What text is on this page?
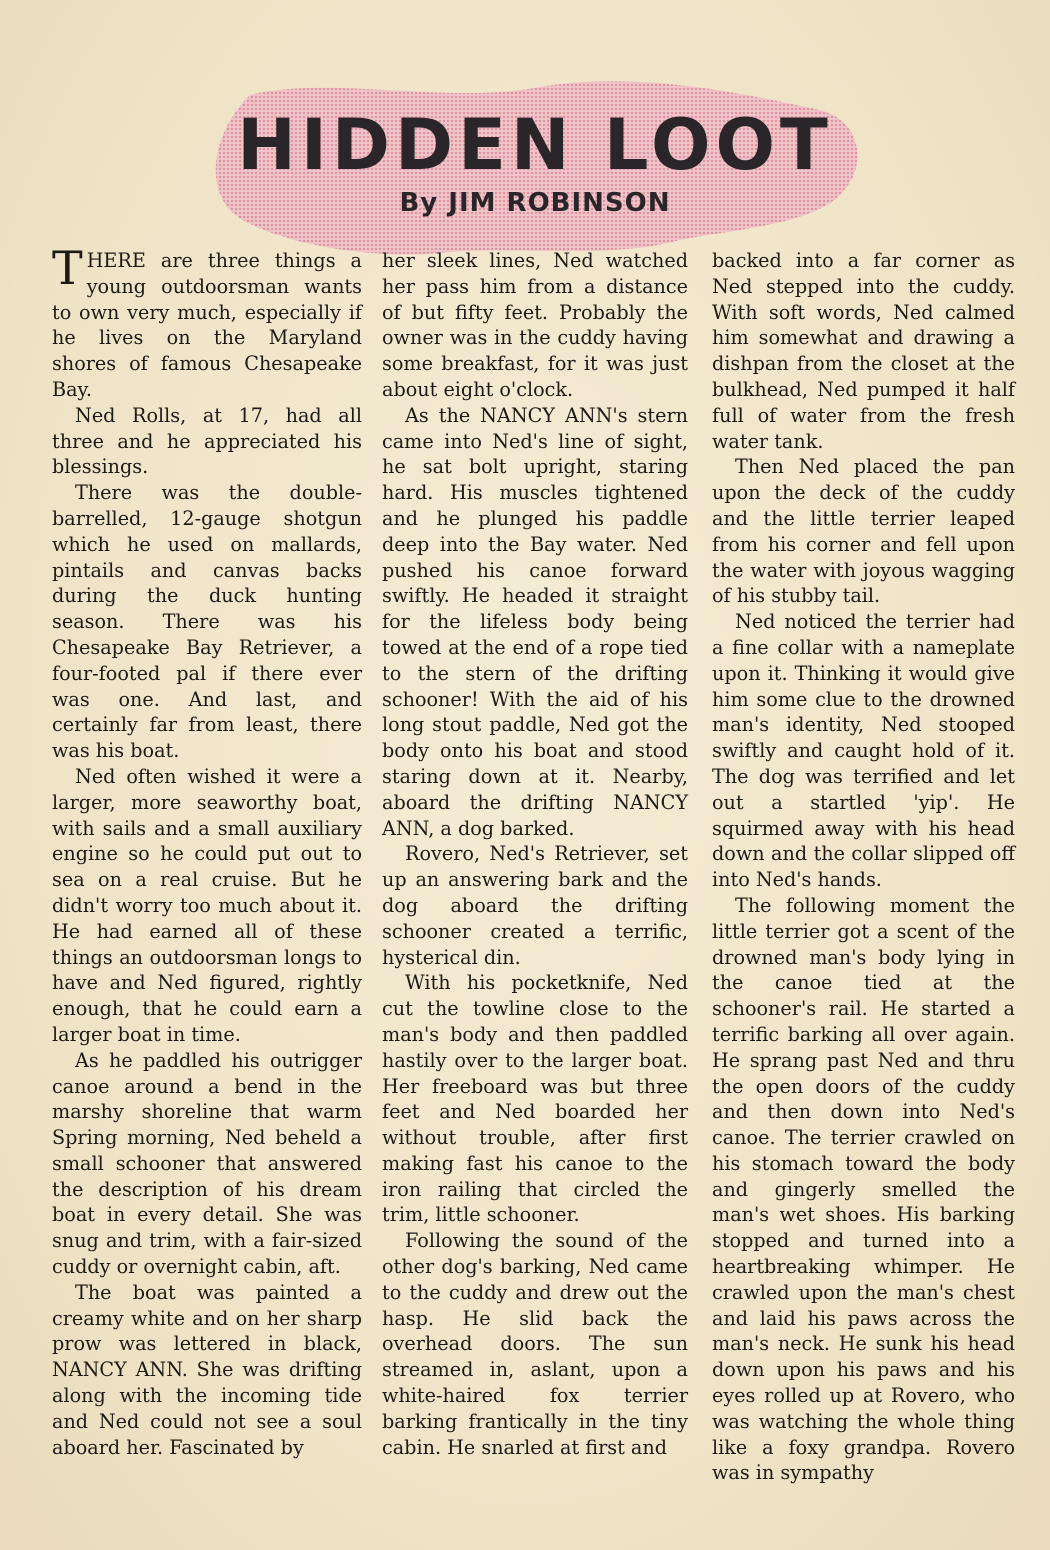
HIDDEN LOOT
By JIM ROBINSON

THERE are three things a young outdoorsman wants to own very much, especially if he lives on the Maryland shores of famous Chesapeake Bay.

Ned Rolls, at 17, had all three and he appreciated his blessings.

There was the double-barrelled, 12-gauge shotgun which he used on mallards, pintails and canvas backs during the duck hunting season. There was his Chesapeake Bay Retriever, a four-footed pal if there ever was one. And last, and certainly far from least, there was his boat.

Ned often wished it were a larger, more seaworthy boat, with sails and a small auxiliary engine so he could put out to sea on a real cruise. But he didn't worry too much about it. He had earned all of these things an outdoorsman longs to have and Ned figured, rightly enough, that he could earn a larger boat in time.

As he paddled his outrigger canoe around a bend in the marshy shoreline that warm Spring morning, Ned beheld a small schooner that answered the description of his dream boat in every detail. She was snug and trim, with a fair-sized cuddy or overnight cabin, aft.

The boat was painted a creamy white and on her sharp prow was lettered in black, NANCY ANN. She was drifting along with the incoming tide and Ned could not see a soul aboard her. Fascinated by

her sleek lines, Ned watched her pass him from a distance of but fifty feet. Probably the owner was in the cuddy having some breakfast, for it was just about eight o'clock.

As the NANCY ANN's stern came into Ned's line of sight, he sat bolt upright, staring hard. His muscles tightened and he plunged his paddle deep into the Bay water. Ned pushed his canoe forward swiftly. He headed it straight for the lifeless body being towed at the end of a rope tied to the stern of the drifting schooner! With the aid of his long stout paddle, Ned got the body onto his boat and stood staring down at it. Nearby, aboard the drifting NANCY ANN, a dog barked.

Rovero, Ned's Retriever, set up an answering bark and the dog aboard the drifting schooner created a terrific, hysterical din.

With his pocketknife, Ned cut the towline close to the man's body and then paddled hastily over to the larger boat. Her freeboard was but three feet and Ned boarded her without trouble, after first making fast his canoe to the iron railing that circled the trim, little schooner.

Following the sound of the other dog's barking, Ned came to the cuddy and drew out the hasp. He slid back the overhead doors. The sun streamed in, aslant, upon a white-haired fox terrier barking frantically in the tiny cabin. He snarled at first and

backed into a far corner as Ned stepped into the cuddy. With soft words, Ned calmed him somewhat and drawing a dishpan from the closet at the bulkhead, Ned pumped it half full of water from the fresh water tank.

Then Ned placed the pan upon the deck of the cuddy and the little terrier leaped from his corner and fell upon the water with joyous wagging of his stubby tail.

Ned noticed the terrier had a fine collar with a nameplate upon it. Thinking it would give him some clue to the drowned man's identity, Ned stooped swiftly and caught hold of it. The dog was terrified and let out a startled 'yip'. He squirmed away with his head down and the collar slipped off into Ned's hands.

The following moment the little terrier got a scent of the drowned man's body lying in the canoe tied at the schooner's rail. He started a terrific barking all over again. He sprang past Ned and thru the open doors of the cuddy and then down into Ned's canoe. The terrier crawled on his stomach toward the body and gingerly smelled the man's wet shoes. His barking stopped and turned into a heartbreaking whimper. He crawled upon the man's chest and laid his paws across the man's neck. He sunk his head down upon his paws and his eyes rolled up at Rovero, who was watching the whole thing like a foxy grandpa. Rovero was in sympathy
